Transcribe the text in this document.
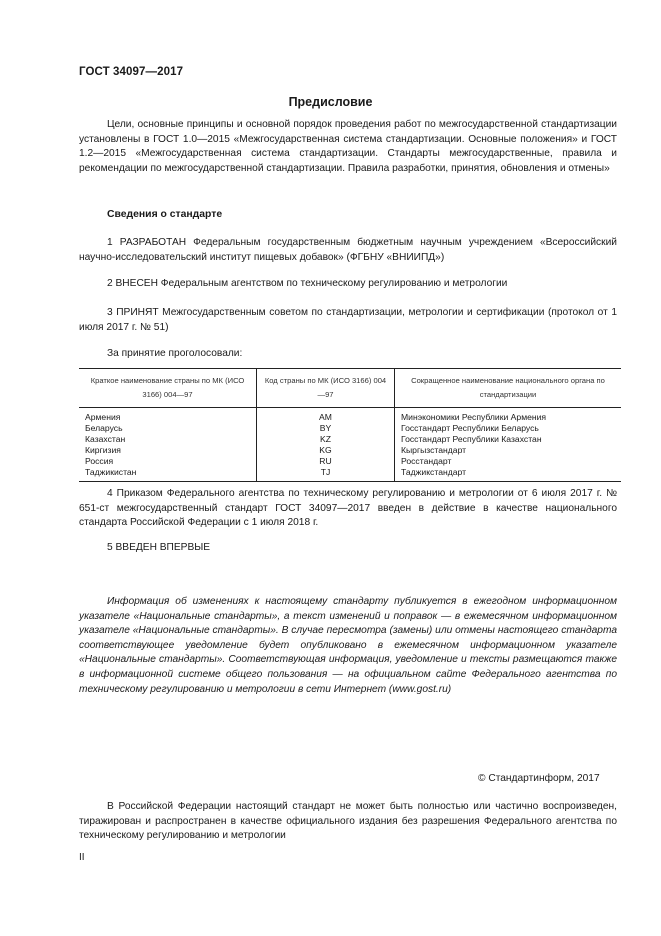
ГОСТ 34097—2017
Предисловие

Цели, основные принципы и основной порядок проведения работ по межгосударственной стандартизации установлены в ГОСТ 1.0—2015 «Межгосударственная система стандартизации. Основные положения» и ГОСТ 1.2—2015 «Межгосударственная система стандартизации. Стандарты межгосударственные, правила и рекомендации по межгосударственной стандартизации. Правила разработки, принятия, обновления и отмены»

Сведения о стандарте

1 РАЗРАБОТАН Федеральным государственным бюджетным научным учреждением «Всероссийский научно-исследовательский институт пищевых добавок» (ФГБНУ «ВНИИПД»)

2 ВНЕСЕН Федеральным агентством по техническому регулированию и метрологии

3 ПРИНЯТ Межгосударственным советом по стандартизации, метрологии и сертификации (протокол от 1 июля 2017 г. № 51)

За принятие проголосовали:
Краткое наименование страны по МК (ИСО 3166) 004—97	Код страны по МК (ИСО 3166) 004—97	Сокращенное наименование национального органа по стандартизации
Армения	AM	Минэкономики Республики Армения
Беларусь	BY	Госстандарт Республики Беларусь
Казахстан	KZ	Госстандарт Республики Казахстан
Киргизия	KG	Кыргызстандарт
Россия	RU	Росстандарт
Таджикистан	TJ	Таджикстандарт

4 Приказом Федерального агентства по техническому регулированию и метрологии от 6 июля 2017 г. № 651-ст межгосударственный стандарт ГОСТ 34097—2017 введен в действие в качестве национального стандарта Российской Федерации с 1 июля 2018 г.

5 ВВЕДЕН ВПЕРВЫЕ

Информация об изменениях к настоящему стандарту публикуется в ежегодном информационном указателе «Национальные стандарты», а текст изменений и поправок — в ежемесячном информационном указателе «Национальные стандарты». В случае пересмотра (замены) или отмены настоящего стандарта соответствующее уведомление будет опубликовано в ежемесячном информационном указателе «Национальные стандарты». Соответствующая информация, уведомление и тексты размещаются также в информационной системе общего пользования — на официальном сайте Федерального агентства по техническому регулированию и метрологии в сети Интернет (www.gost.ru)

© Стандартинформ, 2017

В Российской Федерации настоящий стандарт не может быть полностью или частично воспроизведен, тиражирован и распространен в качестве официального издания без разрешения Федерального агентства по техническому регулированию и метрологии

II
